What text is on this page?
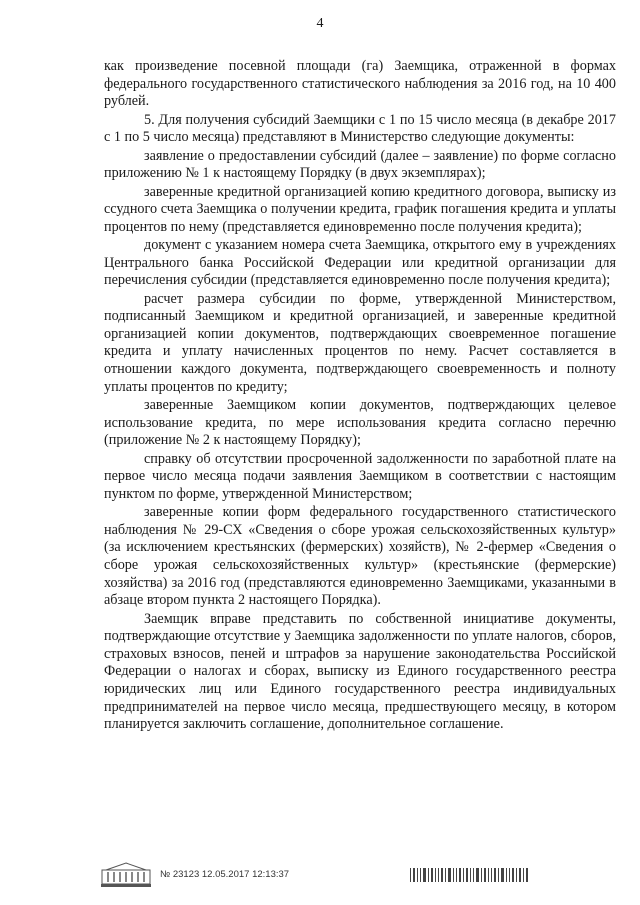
4

как произведение посевной площади (га) Заемщика, отраженной в формах федерального государственного статистического наблюдения за 2016 год, на 10 400 рублей.

5. Для получения субсидий Заемщики с 1 по 15 число месяца (в декабре 2017 с 1 по 5 число месяца) представляют в Министерство следующие документы:

заявление о предоставлении субсидий (далее – заявление) по форме согласно приложению № 1 к настоящему Порядку (в двух экземплярах);

заверенные кредитной организацией копию кредитного договора, выписку из ссудного счета Заемщика о получении кредита, график погашения кредита и уплаты процентов по нему (представляется единовременно после получения кредита);

документ с указанием номера счета Заемщика, открытого ему в учреждениях Центрального банка Российской Федерации или кредитной организации для перечисления субсидии (представляется единовременно после получения кредита);

расчет размера субсидии по форме, утвержденной Министерством, подписанный Заемщиком и кредитной организацией, и заверенные кредитной организацией копии документов, подтверждающих своевременное погашение кредита и уплату начисленных процентов по нему. Расчет составляется в отношении каждого документа, подтверждающего своевременность и полноту уплаты процентов по кредиту;

заверенные Заемщиком копии документов, подтверждающих целевое использование кредита, по мере использования кредита согласно перечню (приложение № 2 к настоящему Порядку);

справку об отсутствии просроченной задолженности по заработной плате на первое число месяца подачи заявления Заемщиком в соответствии с настоящим пунктом по форме, утвержденной Министерством;

заверенные копии форм федерального государственного статистического наблюдения № 29-СХ «Сведения о сборе урожая сельскохозяйственных культур» (за исключением крестьянских (фермерских) хозяйств), № 2-фермер «Сведения о сборе урожая сельскохозяйственных культур» (крестьянские (фермерские) хозяйства) за 2016 год (представляются единовременно Заемщиками, указанными в абзаце втором пункта 2 настоящего Порядка).

Заемщик вправе представить по собственной инициативе документы, подтверждающие отсутствие у Заемщика задолженности по уплате налогов, сборов, страховых взносов, пеней и штрафов за нарушение законодательства Российской Федерации о налогах и сборах, выписку из Единого государственного реестра юридических лиц или Единого государственного реестра индивидуальных предпринимателей на первое число месяца, предшествующего месяцу, в котором планируется заключить соглашение, дополнительное соглашение.

№ 23123 12.05.2017 12:13:37
